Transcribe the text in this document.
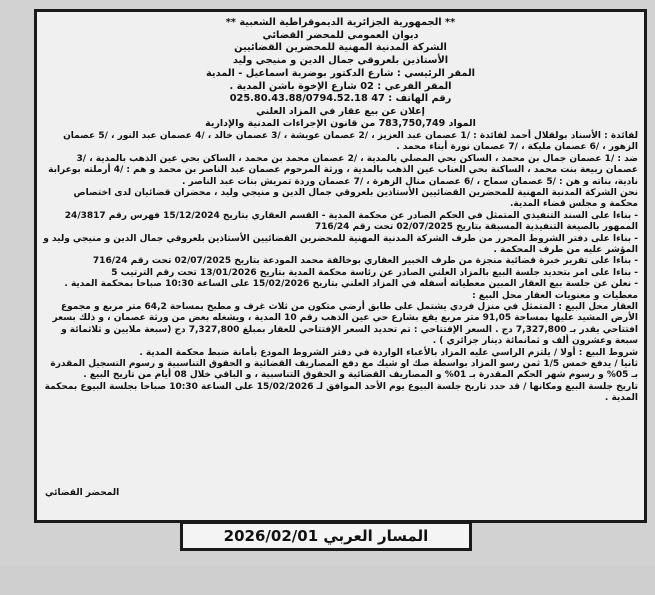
** الجمهورية الجزائرية الديموقراطية الشعبية **
ديوان العمومي للمحضر القضائي
الشركة المدنية المهنية للمحضرين القضائيين
الأستاذين بلعروقي جمال الدين و منيجي وليد
المقر الرئيسي : شارع الدكتور بوضربة اسماعيل - المدية
المقر الفرعي : 02 شارع الإخوة باشن المدية .
رقم الهاتف : 47 025.80.43.88/0794.52.18
إعلان عن بيع عقار في المزاد العلني
المواد 783,750,749 من قانون الإجراءات المدنية والإدارية

لفائدة : الأسناد بولقلال أحمد لفائدة : /1 عصمان عبد العزيز ، /2 عصمان عويشة ، /3 عصمان خالد ، /4 عصمان عبد النور ، /5 عصمان الزهور ، /6 عصمان مليكة ، /7 عصمان نورة أبناء محمد .

ضد : /1 عصمان جمال بن محمد ، الساكن بحي المصلي بالمدية ، /2 عصمان محمد بن محمد ، الساكن بحي عين الذهب بالمدية ، /3 عصمان ربيعة بنت محمد ، الساكنة بحي العناب عين الذهب بالمدية ، ورثة المرحوم عصمان عبد الناصر بن محمد و هم : /4 أرملته بوعرابة نادية، بناته و هن : /5 عصمان سماح ، /6 عصمان منال الزهرة ، /7 عصمان وردة تمريش بنات عبد الناصر .

نحن الشركة المدنية المهنية للمحضرين القضائيين الأستاذين بلعروقي جمال الدين و منيجي وليد ، محضران قضائيان لدى اختصاص محكمة و مجلس قضاء المدية.

- بناءا على السند التنفيذي المتمثل في الحكم الصادر عن محكمة المدية - القسم العقاري بتاريخ 15/12/2024 فهرس رقم 24/3817 الممهور بالصيغة التنفيذية المسبقة بتاريخ 02/07/2025 تحت رقم 716/24

- بناءا على دفتر الشروط المحرر من طرف الشركة المدنية المهنية للمحضرين القضائيين الأستاذين بلعروقي جمال الدين و منيجي وليد و المؤشر عليه من طرف المحكمة .

- بناءا على تقرير خبرة قضائية منجزة من طرف الخبير العقاري بوخالفة محمد المودعة بتاريخ 02/07/2025 تحت رقم 716/24

- بناءا على امر بتحديد جلسة البيع بالمزاد العلني الصادر عن رئاسة محكمة المدية بتاريخ 13/01/2026 تحت رقم الترتيب 5

- نعلن عن جلسة بيع العقار المبين معطياته أسفله في المزاد العلني بتاريخ 15/02/2026 على الساعة 10:30 صباحا بمحكمة المدية .

معطيات و معنويات العقار محل البيع :

العقار محل البيع : المتمثل في منزل فردي يشتمل على طابق أرضي متكون من ثلاث غرف و مطبخ بمساحة 64,2 متر مربع و مجموع الأرض المشيد عليها بمساحة 91,05 متر مربع يقع بشارع حي عين الذهب رقم 10 المدية ، ويشغله بعض من ورثة عصمان ، و ذلك بسعر افتتاحي يقدر بـ 7,327,800 دج . السعر الإفتتاحي : تم تحديد السعر الإفتتاحي للعقار بمبلغ 7,327,800 دج (سبعة ملايين و ثلاثمائة و سبعة وعشرون ألف و ثمانمائة دينار جزائري ) .

شروط البيع : أولا / يلتزم الراسي عليه المزاد بالأعباء الواردة في دفتر الشروط المودع بأمانة ضبط محكمة المدية .

ثانيا / يدفع خمس 1/5 ثمن رسو المزاد بواسطة صك او شيك مع دفع المصاريف القضائية و الحقوق التناسبية و رسوم التسجيل المقدرة بـ 05% و رسوم شهر الحكم المقدرة بـ 01% و المصاريف القضائية و الحقوق التناسبية ، و الباقي خلال 08 أيام من تاريخ البيع .

تاريخ جلسة البيع ومكانها / قد حدد تاريخ جلسة البيوع يوم الأحد الموافق لـ 15/02/2026 على الساعة 10:30 صباحا بجلسة البيوع بمحكمة المدية .

المحضر القضائي
المسار العربي 2026/02/01
